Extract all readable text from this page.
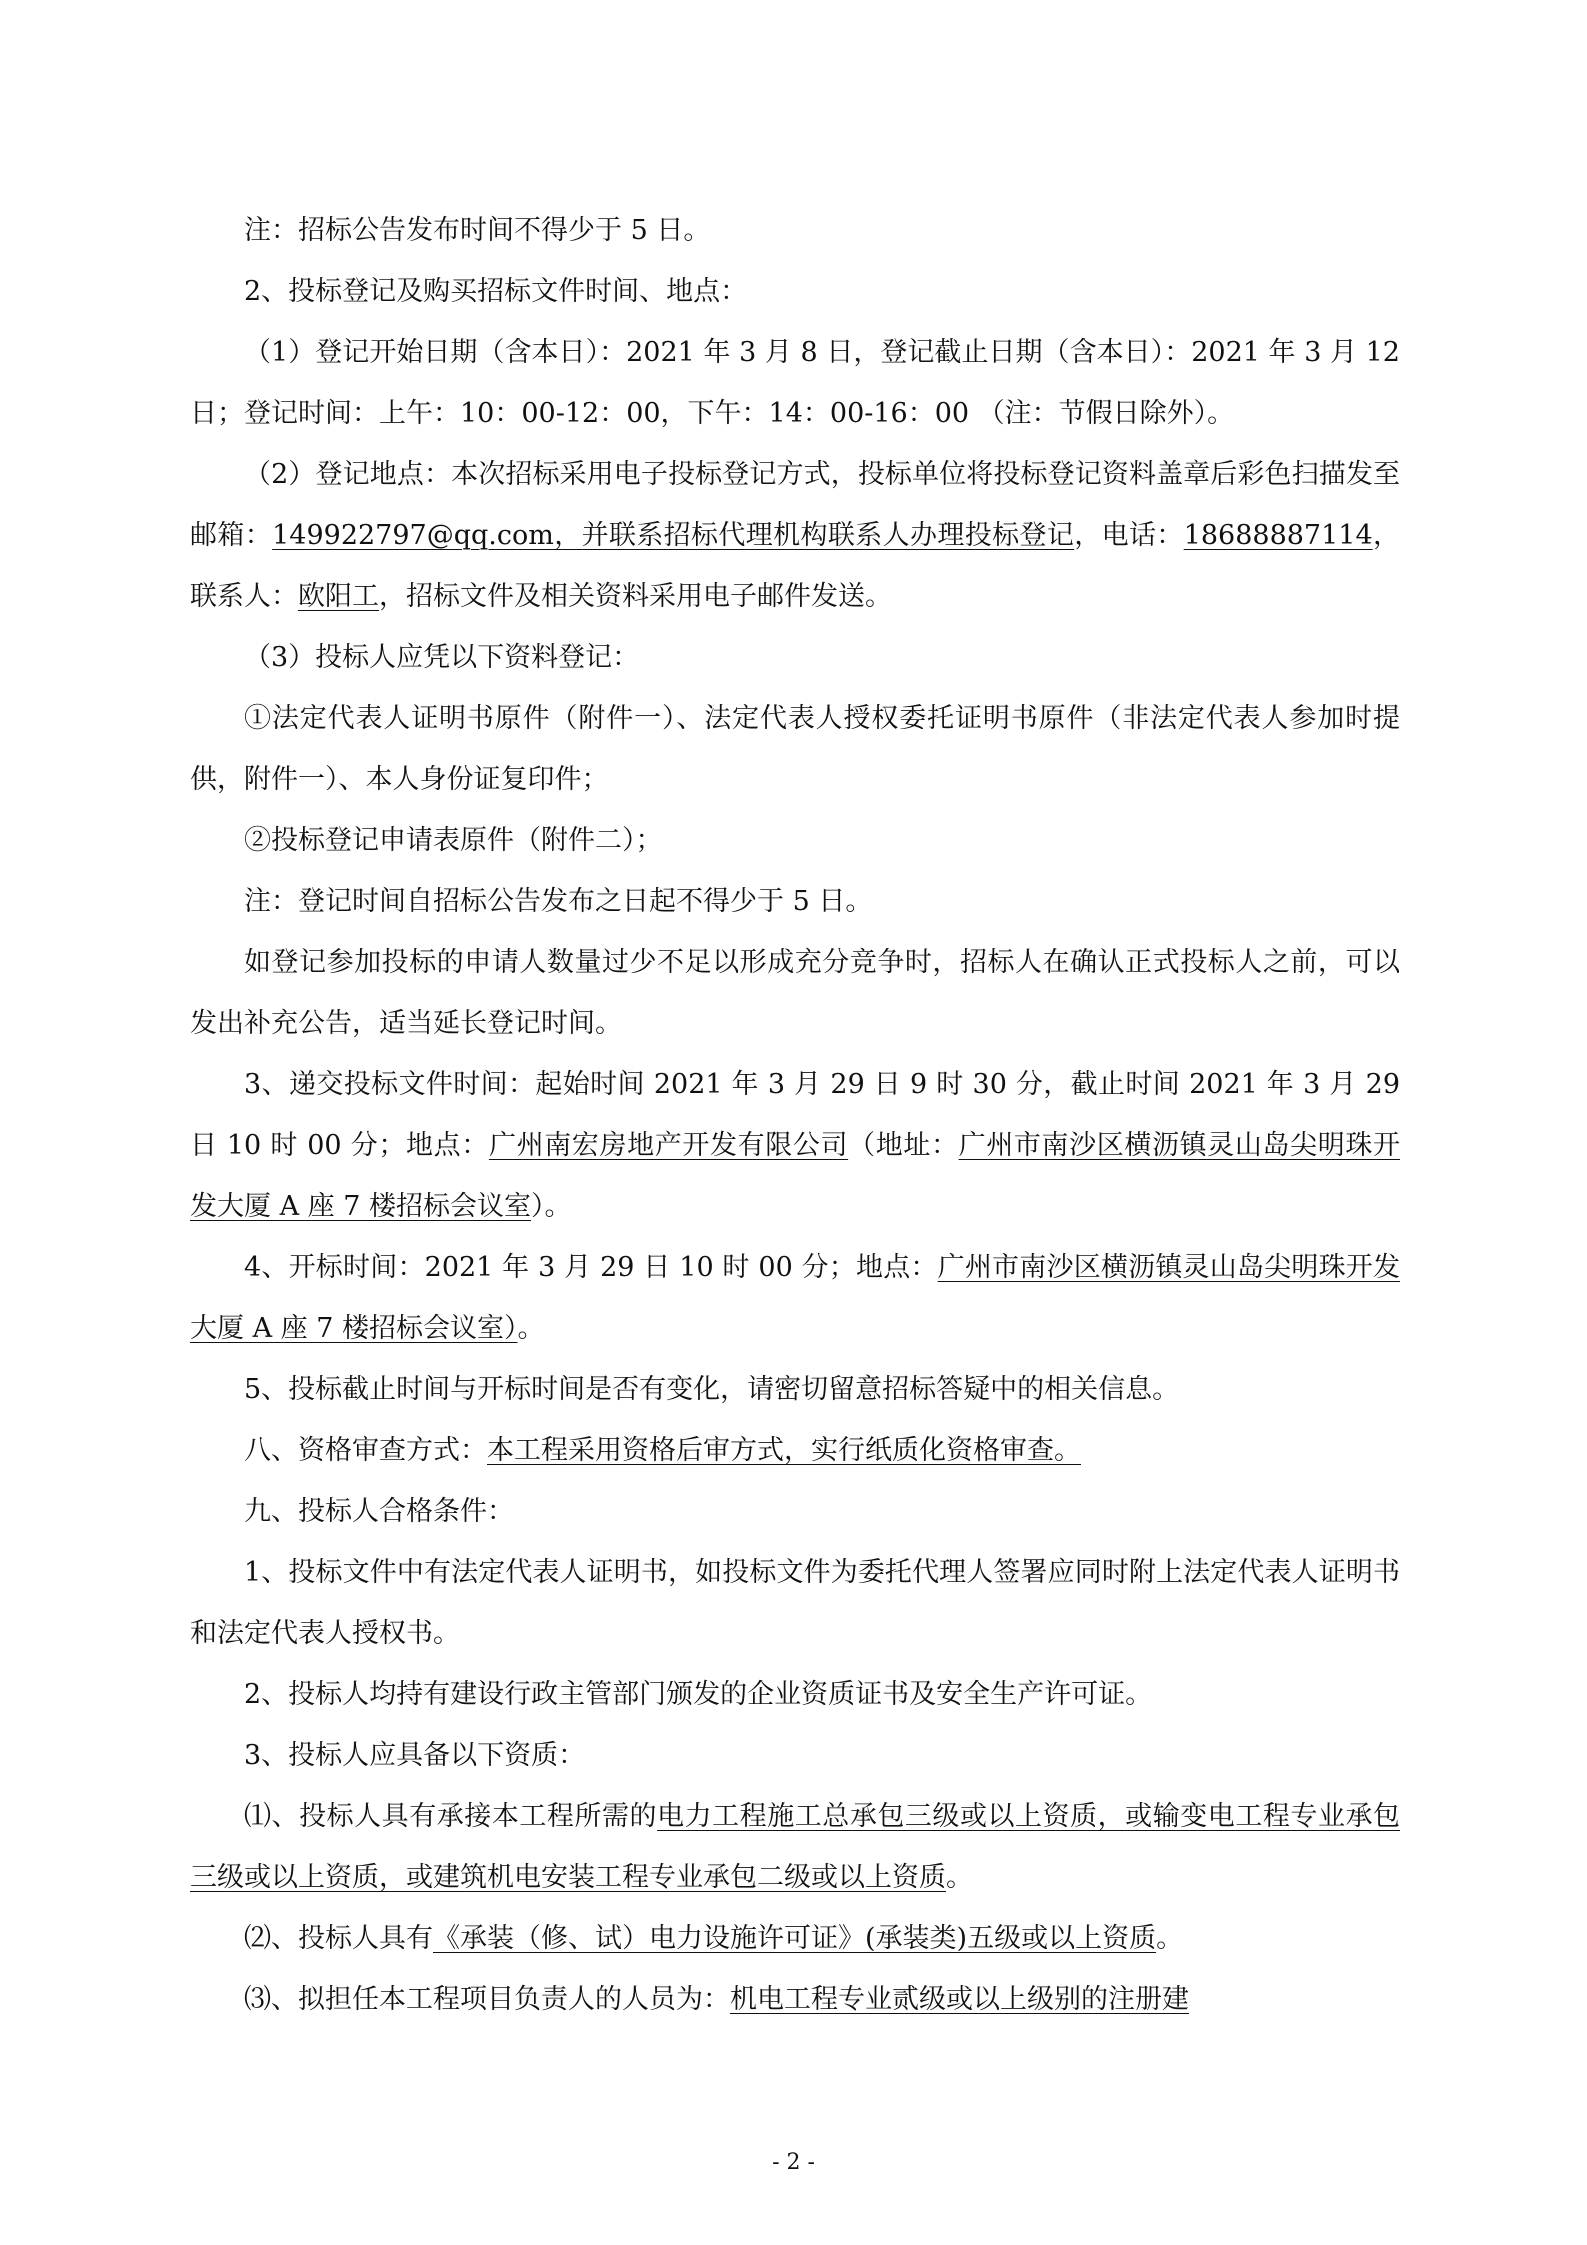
注：招标公告发布时间不得少于 5 日。

2、投标登记及购买招标文件时间、地点：

（1）登记开始日期（含本日）：2021 年 3 月 8 日，登记截止日期（含本日）：2021 年 3 月 12 日；登记时间：上午：10：00-12：00，下午：14：00-16：00 （注：节假日除外）。

（2）登记地点：本次招标采用电子投标登记方式，投标单位将投标登记资料盖章后彩色扫描发至邮箱：149922797@qq.com，并联系招标代理机构联系人办理投标登记，电话：18688887114，联系人：欧阳工，招标文件及相关资料采用电子邮件发送。

（3）投标人应凭以下资料登记：

①法定代表人证明书原件（附件一）、法定代表人授权委托证明书原件（非法定代表人参加时提供，附件一）、本人身份证复印件；

②投标登记申请表原件（附件二）；

注：登记时间自招标公告发布之日起不得少于 5 日。

如登记参加投标的申请人数量过少不足以形成充分竞争时，招标人在确认正式投标人之前，可以发出补充公告，适当延长登记时间。

3、递交投标文件时间：起始时间 2021 年 3 月 29 日 9 时 30 分，截止时间 2021 年 3 月 29 日 10 时 00 分；地点：广州南宏房地产开发有限公司（地址：广州市南沙区横沥镇灵山岛尖明珠开发大厦 A 座 7 楼招标会议室）。

4、开标时间：2021 年 3 月 29 日 10 时 00 分；地点：广州市南沙区横沥镇灵山岛尖明珠开发大厦 A 座 7 楼招标会议室）。

5、投标截止时间与开标时间是否有变化，请密切留意招标答疑中的相关信息。

八、资格审查方式：本工程采用资格后审方式，实行纸质化资格审查。

九、投标人合格条件：

1、投标文件中有法定代表人证明书，如投标文件为委托代理人签署应同时附上法定代表人证明书和法定代表人授权书。

2、投标人均持有建设行政主管部门颁发的企业资质证书及安全生产许可证。

3、投标人应具备以下资质：

⑴、投标人具有承接本工程所需的电力工程施工总承包三级或以上资质，或输变电工程专业承包三级或以上资质，或建筑机电安装工程专业承包二级或以上资质。

⑵、投标人具有《承装（修、试）电力设施许可证》(承装类)五级或以上资质。

⑶、拟担任本工程项目负责人的人员为：机电工程专业贰级或以上级别的注册建

- 2 -
